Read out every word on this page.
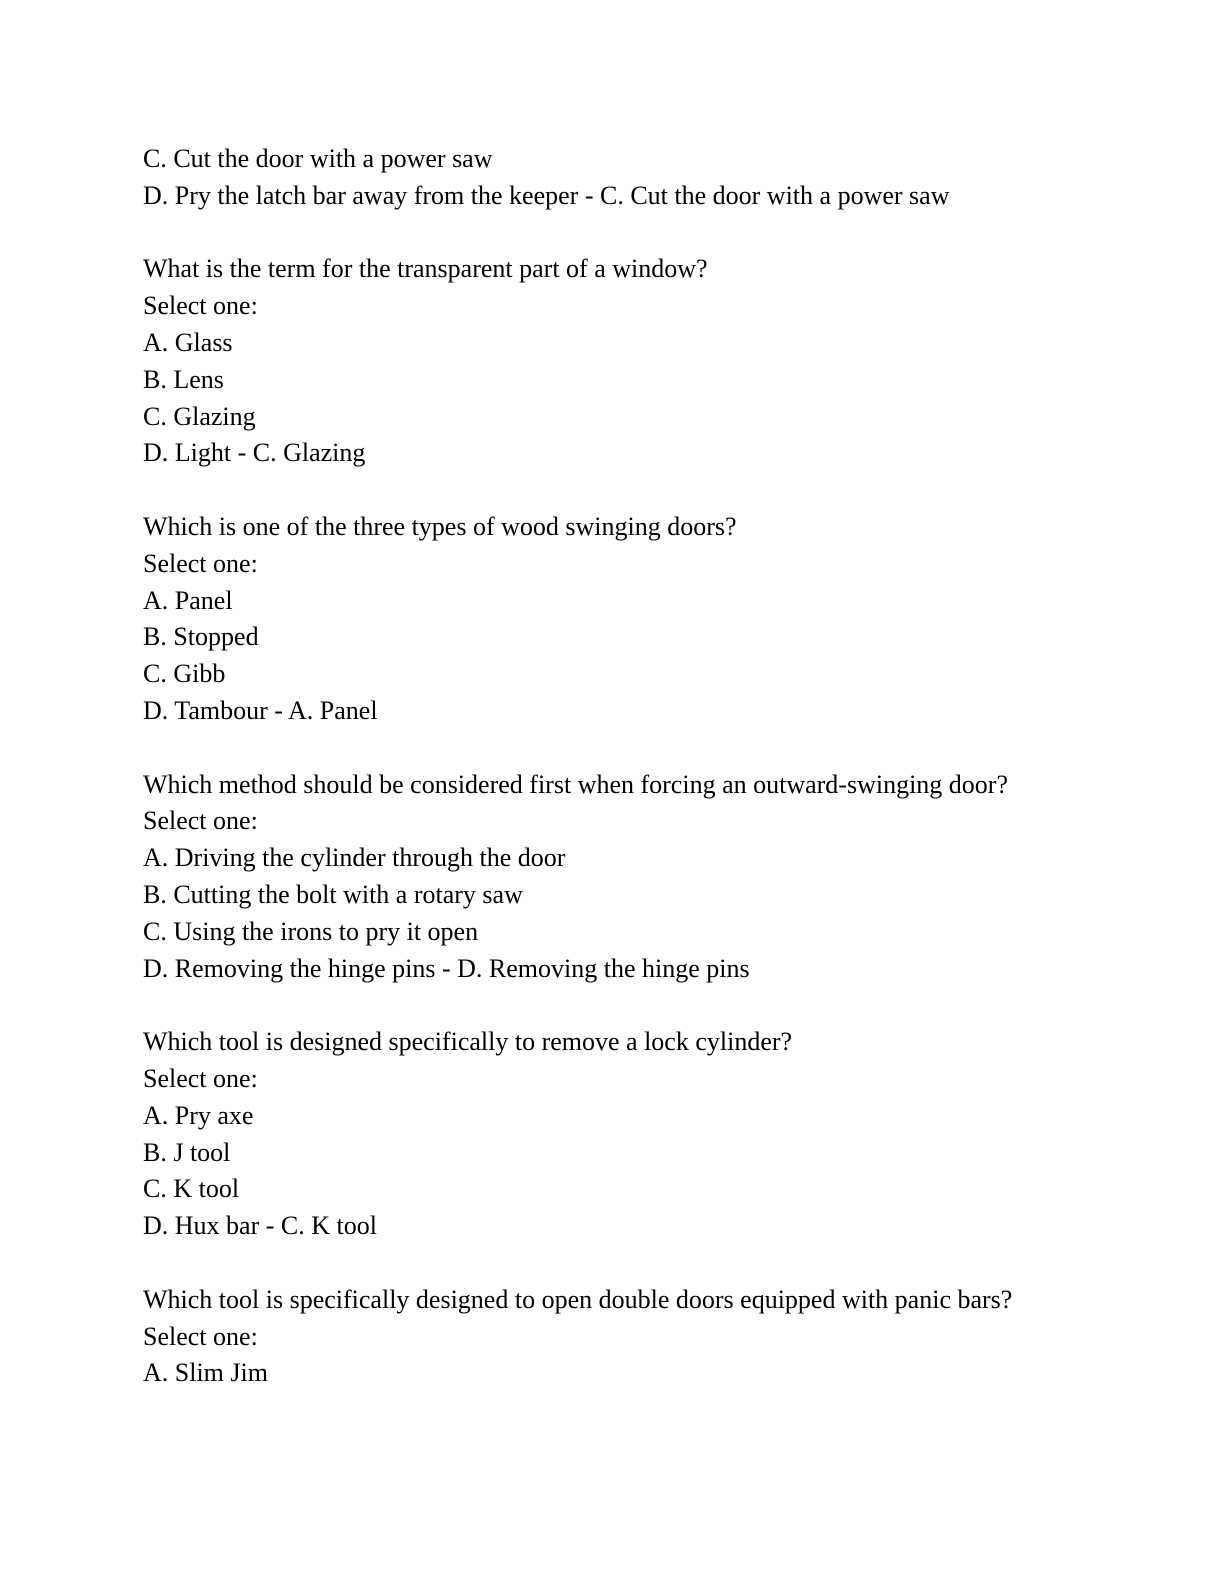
C. Cut the door with a power saw

D. Pry the latch bar away from the keeper - C. Cut the door with a power saw

What is the term for the transparent part of a window?

Select one:

A. Glass

B. Lens

C. Glazing

D. Light - C. Glazing

Which is one of the three types of wood swinging doors?

Select one:

A. Panel

B. Stopped

C. Gibb

D. Tambour - A. Panel

Which method should be considered first when forcing an outward-swinging door?

Select one:

A. Driving the cylinder through the door

B. Cutting the bolt with a rotary saw

C. Using the irons to pry it open

D. Removing the hinge pins - D. Removing the hinge pins

Which tool is designed specifically to remove a lock cylinder?

Select one:

A. Pry axe

B. J tool

C. K tool

D. Hux bar - C. K tool

Which tool is specifically designed to open double doors equipped with panic bars?

Select one:

A. Slim Jim
